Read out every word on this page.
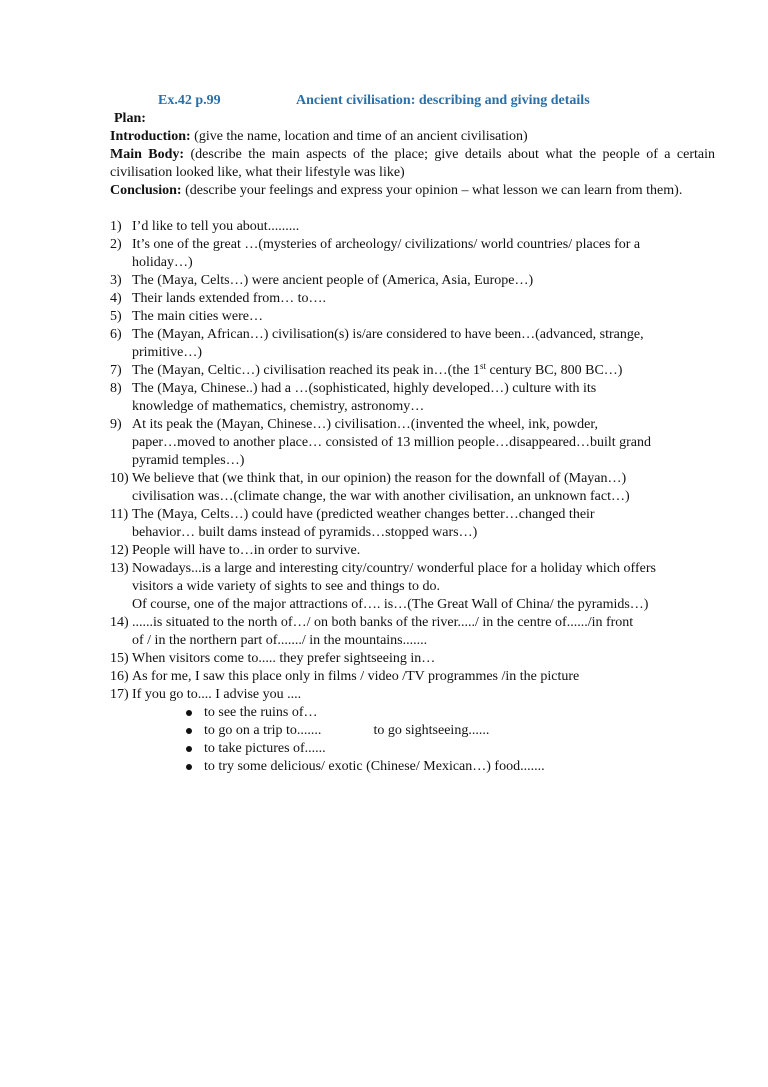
Ex.42 p.99	Ancient civilisation: describing and giving details
Plan:
Introduction: (give the name, location and time of an ancient civilisation)
Main Body: (describe the main aspects of the place; give details about what the people of a certain civilisation looked like, what their lifestyle was like)
Conclusion: (describe your feelings and express your opinion – what lesson we can learn from them).
1) I’d like to tell you about.........
2) It’s one of the great …(mysteries of archeology/ civilizations/ world countries/ places for a
holiday…)
3) The (Maya, Celts…) were ancient people of (America, Asia, Europe…)
4) Their lands extended from… to….
5) The main cities were…
6) The (Mayan, African…) civilisation(s) is/are considered to have been…(advanced, strange,
primitive…)
7) The (Mayan, Celtic…) civilisation reached its peak in…(the 1st century BC, 800 BC…)
8) The (Maya, Chinese..) had a …(sophisticated, highly developed…) culture with its
knowledge of mathematics, chemistry, astronomy…
9) At its peak the (Mayan, Chinese…) civilisation…(invented the wheel, ink, powder,
paper…moved to another place… consisted of 13 million people…disappeared…built grand
pyramid temples…)
10) We believe that (we think that, in our opinion) the reason for the downfall of (Mayan…)
civilisation was…(climate change, the war with another civilisation, an unknown fact…)
11) The (Maya, Celts…) could have (predicted weather changes better…changed their
behavior… built dams instead of pyramids…stopped wars…)
12) People will have to…in order to survive.
13) Nowadays...is a large and interesting city/country/ wonderful place for a holiday which offers
visitors a wide variety of sights to see and things to do.
Of course, one of the major attractions of…. is…(The Great Wall of China/ the pyramids…)
14) ......is situated to the north of…/ on both banks of the river...../ in the centre of....../in front
of / in the northern part of......./ in the mountains.......
15) When visitors come to..... they prefer sightseeing in…
16) As for me, I saw this place only in films / video /TV programmes /in the picture
17) If you go to.... I advise you ....
to see the ruins of…
to go on a trip to.......	to go sightseeing......
to take pictures of......
to try some delicious/ exotic (Chinese/ Mexican…) food.......
